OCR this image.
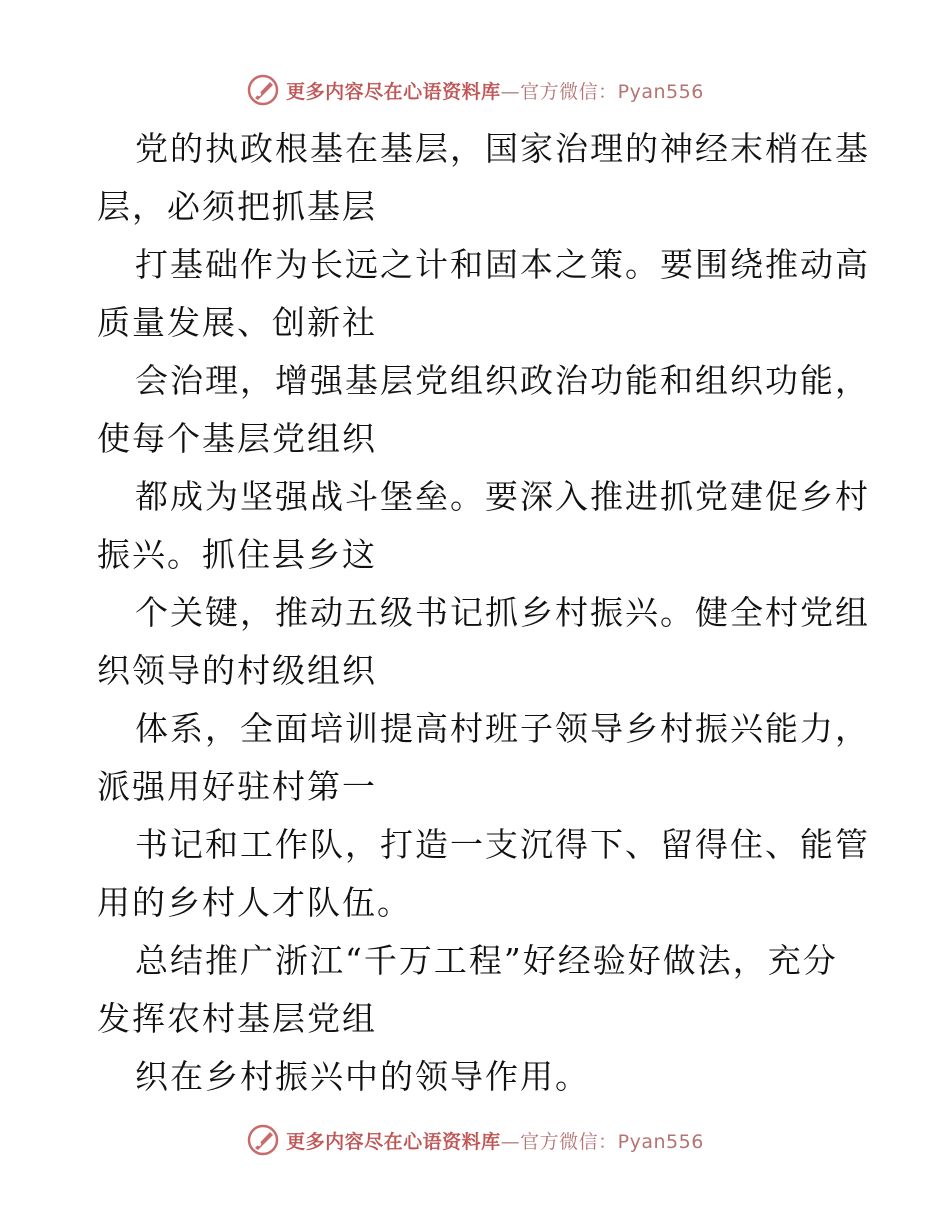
更多内容尽在心语资料库—官方微信：Pyan556

党的执政根基在基层，国家治理的神经末梢在基
层，必须把抓基层

打基础作为长远之计和固本之策。要围绕推动高
质量发展、创新社

会治理，增强基层党组织政治功能和组织功能，
使每个基层党组织

都成为坚强战斗堡垒。要深入推进抓党建促乡村
振兴。抓住县乡这

个关键，推动五级书记抓乡村振兴。健全村党组
织领导的村级组织

体系，全面培训提高村班子领导乡村振兴能力，
派强用好驻村第一

书记和工作队，打造一支沉得下、留得住、能管
用的乡村人才队伍。

总结推广浙江“千万工程”好经验好做法，充分
发挥农村基层党组

织在乡村振兴中的领导作用。

更多内容尽在心语资料库—官方微信：Pyan556
